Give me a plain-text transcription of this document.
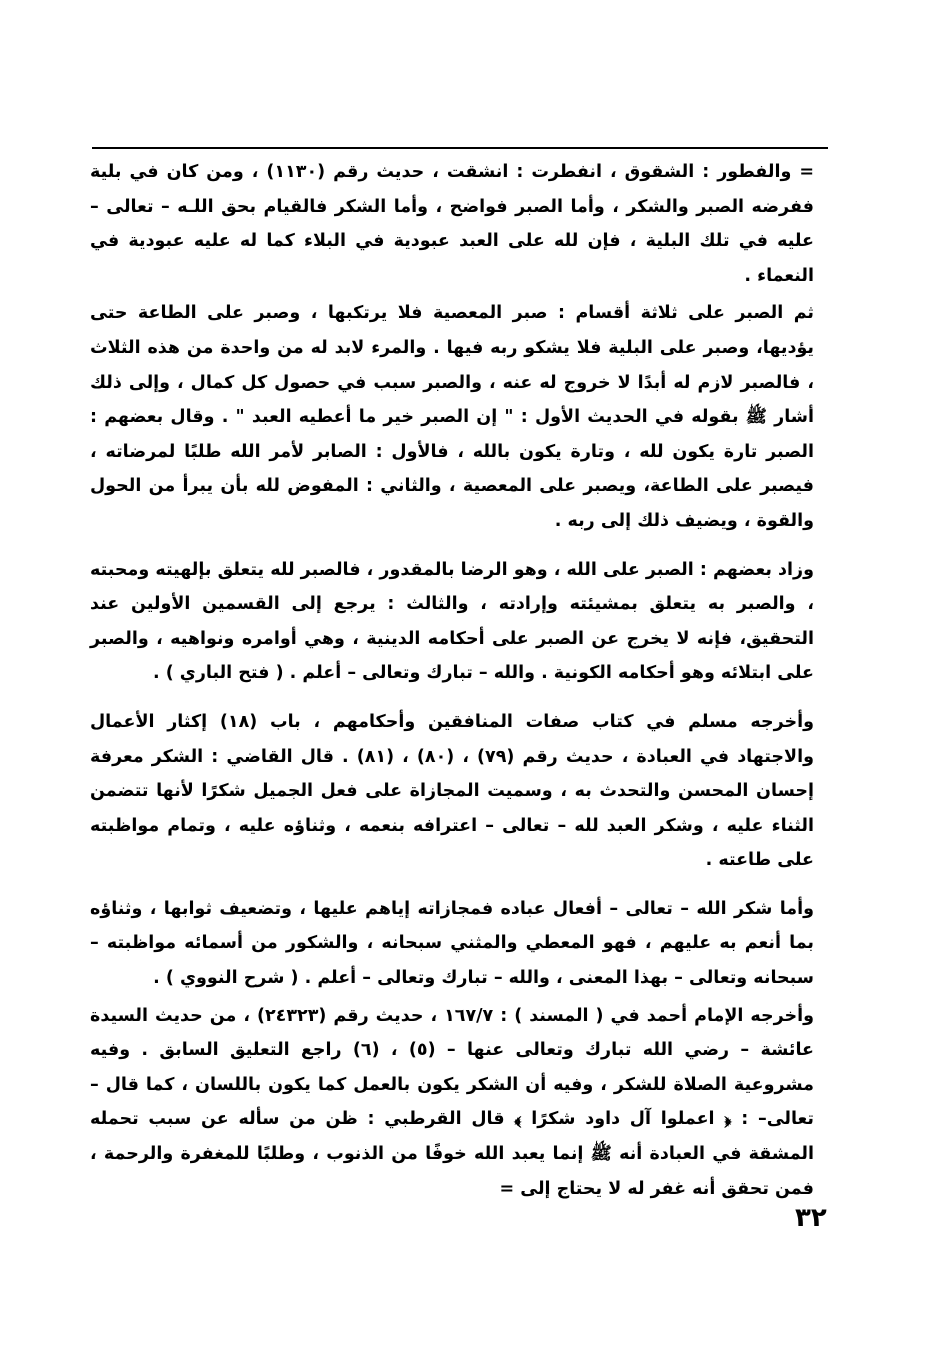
= والفطور : الشقوق ، انفطرت : انشقت ، حديث رقم (١١٣٠) ، ومن كان في بلية ففرضه الصبر والشكر ، وأما الصبر فواضح ، وأما الشكر فالقيام بحق اللـه – تعالى – عليه في تلك البلية ، فإن لله على العبد عبودية في البلاء كما له عليه عبودية في النعماء .

ثم الصبر على ثلاثة أقسام : صبر المعصية فلا يرتكبها ، وصبر على الطاعة حتى يؤديها، وصبر على البلية فلا يشكو ربه فيها . والمرء لابد له من واحدة من هذه الثلاث ، فالصبر لازم له أبدًا لا خروج له عنه ، والصبر سبب في حصول كل كمال ، وإلى ذلك أشار ﷺ بقوله في الحديث الأول : " إن الصبر خير ما أعطيه العبد " . وقال بعضهم : الصبر تارة يكون لله ، وتارة يكون بالله ، فالأول : الصابر لأمر الله طلبًا لمرضاته ، فيصبر على الطاعة، ويصبر على المعصية ، والثاني : المفوض لله بأن يبرأ من الحول والقوة ، ويضيف ذلك إلى ربه .

وزاد بعضهم : الصبر على الله ، وهو الرضا بالمقدور ، فالصبر لله يتعلق بإلهيته ومحبته ، والصبر به يتعلق بمشيئته وإرادته ، والثالث : يرجع إلى القسمين الأولين عند التحقيق، فإنه لا يخرج عن الصبر على أحكامه الدينية ، وهي أوامره ونواهيه ، والصبر على ابتلائه وهو أحكامه الكونية . والله – تبارك وتعالى – أعلم . ( فتح الباري ) .

وأخرجه مسلم في كتاب صفات المنافقين وأحكامهم ، باب (١٨) إكثار الأعمال والاجتهاد في العبادة ، حديث رقم (٧٩) ، (٨٠) ، (٨١) . قال القاضي : الشكر معرفة إحسان المحسن والتحدث به ، وسميت المجازاة على فعل الجميل شكرًا لأنها تتضمن الثناء عليه ، وشكر العبد لله – تعالى – اعترافه بنعمه ، وثناؤه عليه ، وتمام مواظبته على طاعته .

وأما شكر الله – تعالى – أفعال عباده فمجازاته إياهم عليها ، وتضعيف ثوابها ، وثناؤه بما أنعم به عليهم ، فهو المعطي والمثني سبحانه ، والشكور من أسمائه مواظبته – سبحانه وتعالى – بهذا المعنى ، والله – تبارك وتعالى – أعلم . ( شرح النووي ) .

وأخرجه الإمام أحمد في ( المسند ) : ١٦٧/٧ ، حديث رقم (٢٤٣٢٣) ، من حديث السيدة عائشة – رضي الله تبارك وتعالى عنها – (٥) ، (٦) راجع التعليق السابق . وفيه مشروعية الصلاة للشكر ، وفيه أن الشكر يكون بالعمل كما يكون باللسان ، كما قال –تعالى– : ﴿ اعملوا آل داود شكرًا ﴾ قال القرطبي : ظن من سأله عن سبب تحمله المشقة في العبادة أنه ﷺ إنما يعبد الله خوفًا من الذنوب ، وطلبًا للمغفرة والرحمة ، فمن تحقق أنه غفر له لا يحتاج إلى =

٣٢
